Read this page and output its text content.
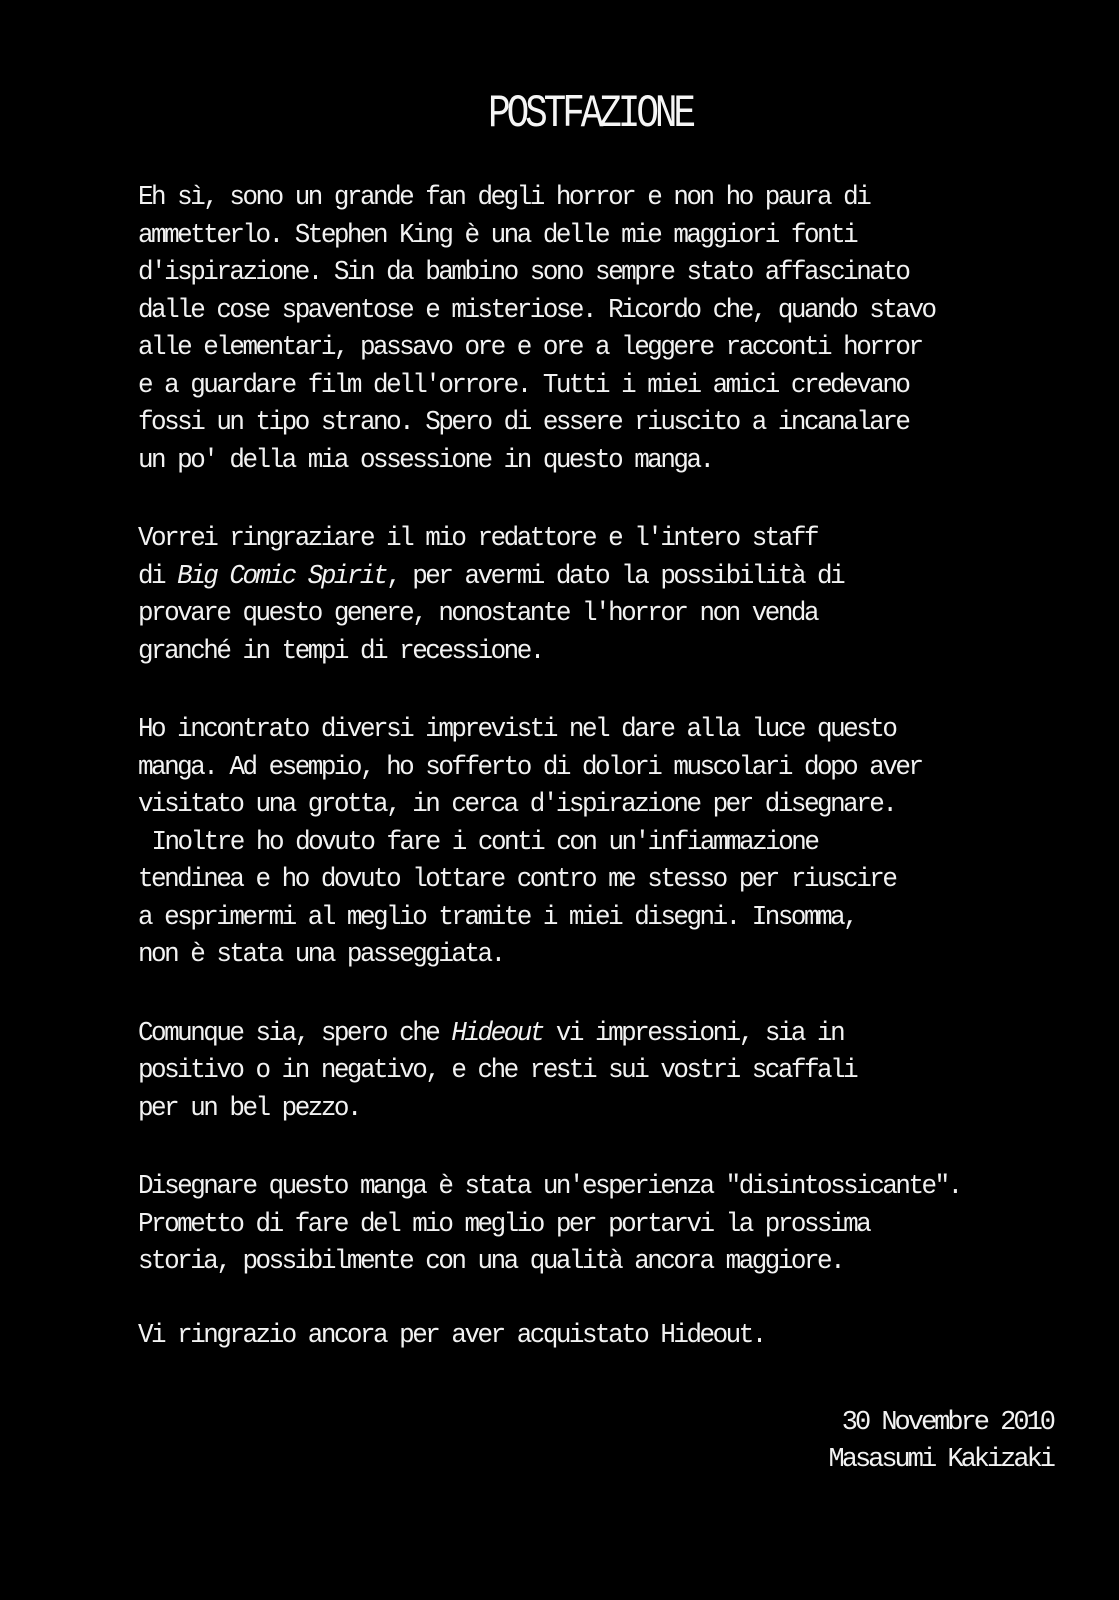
POSTFAZIONE
Eh sì, sono un grande fan degli horror e non ho paura di
ammetterlo. Stephen King è una delle mie maggiori fonti
d'ispirazione. Sin da bambino sono sempre stato affascinato
dalle cose spaventose e misteriose. Ricordo che, quando stavo
alle elementari, passavo ore e ore a leggere racconti horror
e a guardare film dell'orrore. Tutti i miei amici credevano
fossi un tipo strano. Spero di essere riuscito a incanalare
un po' della mia ossessione in questo manga.
Vorrei ringraziare il mio redattore e l'intero staff
di Big Comic Spirit, per avermi dato la possibilità di
provare questo genere, nonostante l'horror non venda
granché in tempi di recessione.
Ho incontrato diversi imprevisti nel dare alla luce questo
manga. Ad esempio, ho sofferto di dolori muscolari dopo aver
visitato una grotta, in cerca d'ispirazione per disegnare.
Inoltre ho dovuto fare i conti con un'infiammazione
tendinea e ho dovuto lottare contro me stesso per riuscire
a esprimermi al meglio tramite i miei disegni. Insomma,
non è stata una passeggiata.
Comunque sia, spero che Hideout vi impressioni, sia in
positivo o in negativo, e che resti sui vostri scaffali
per un bel pezzo.
Disegnare questo manga è stata un'esperienza "disintossicante".
Prometto di fare del mio meglio per portarvi la prossima
storia, possibilmente con una qualità ancora maggiore.
Vi ringrazio ancora per aver acquistato Hideout.
30 Novembre 2010
Masasumi Kakizaki
